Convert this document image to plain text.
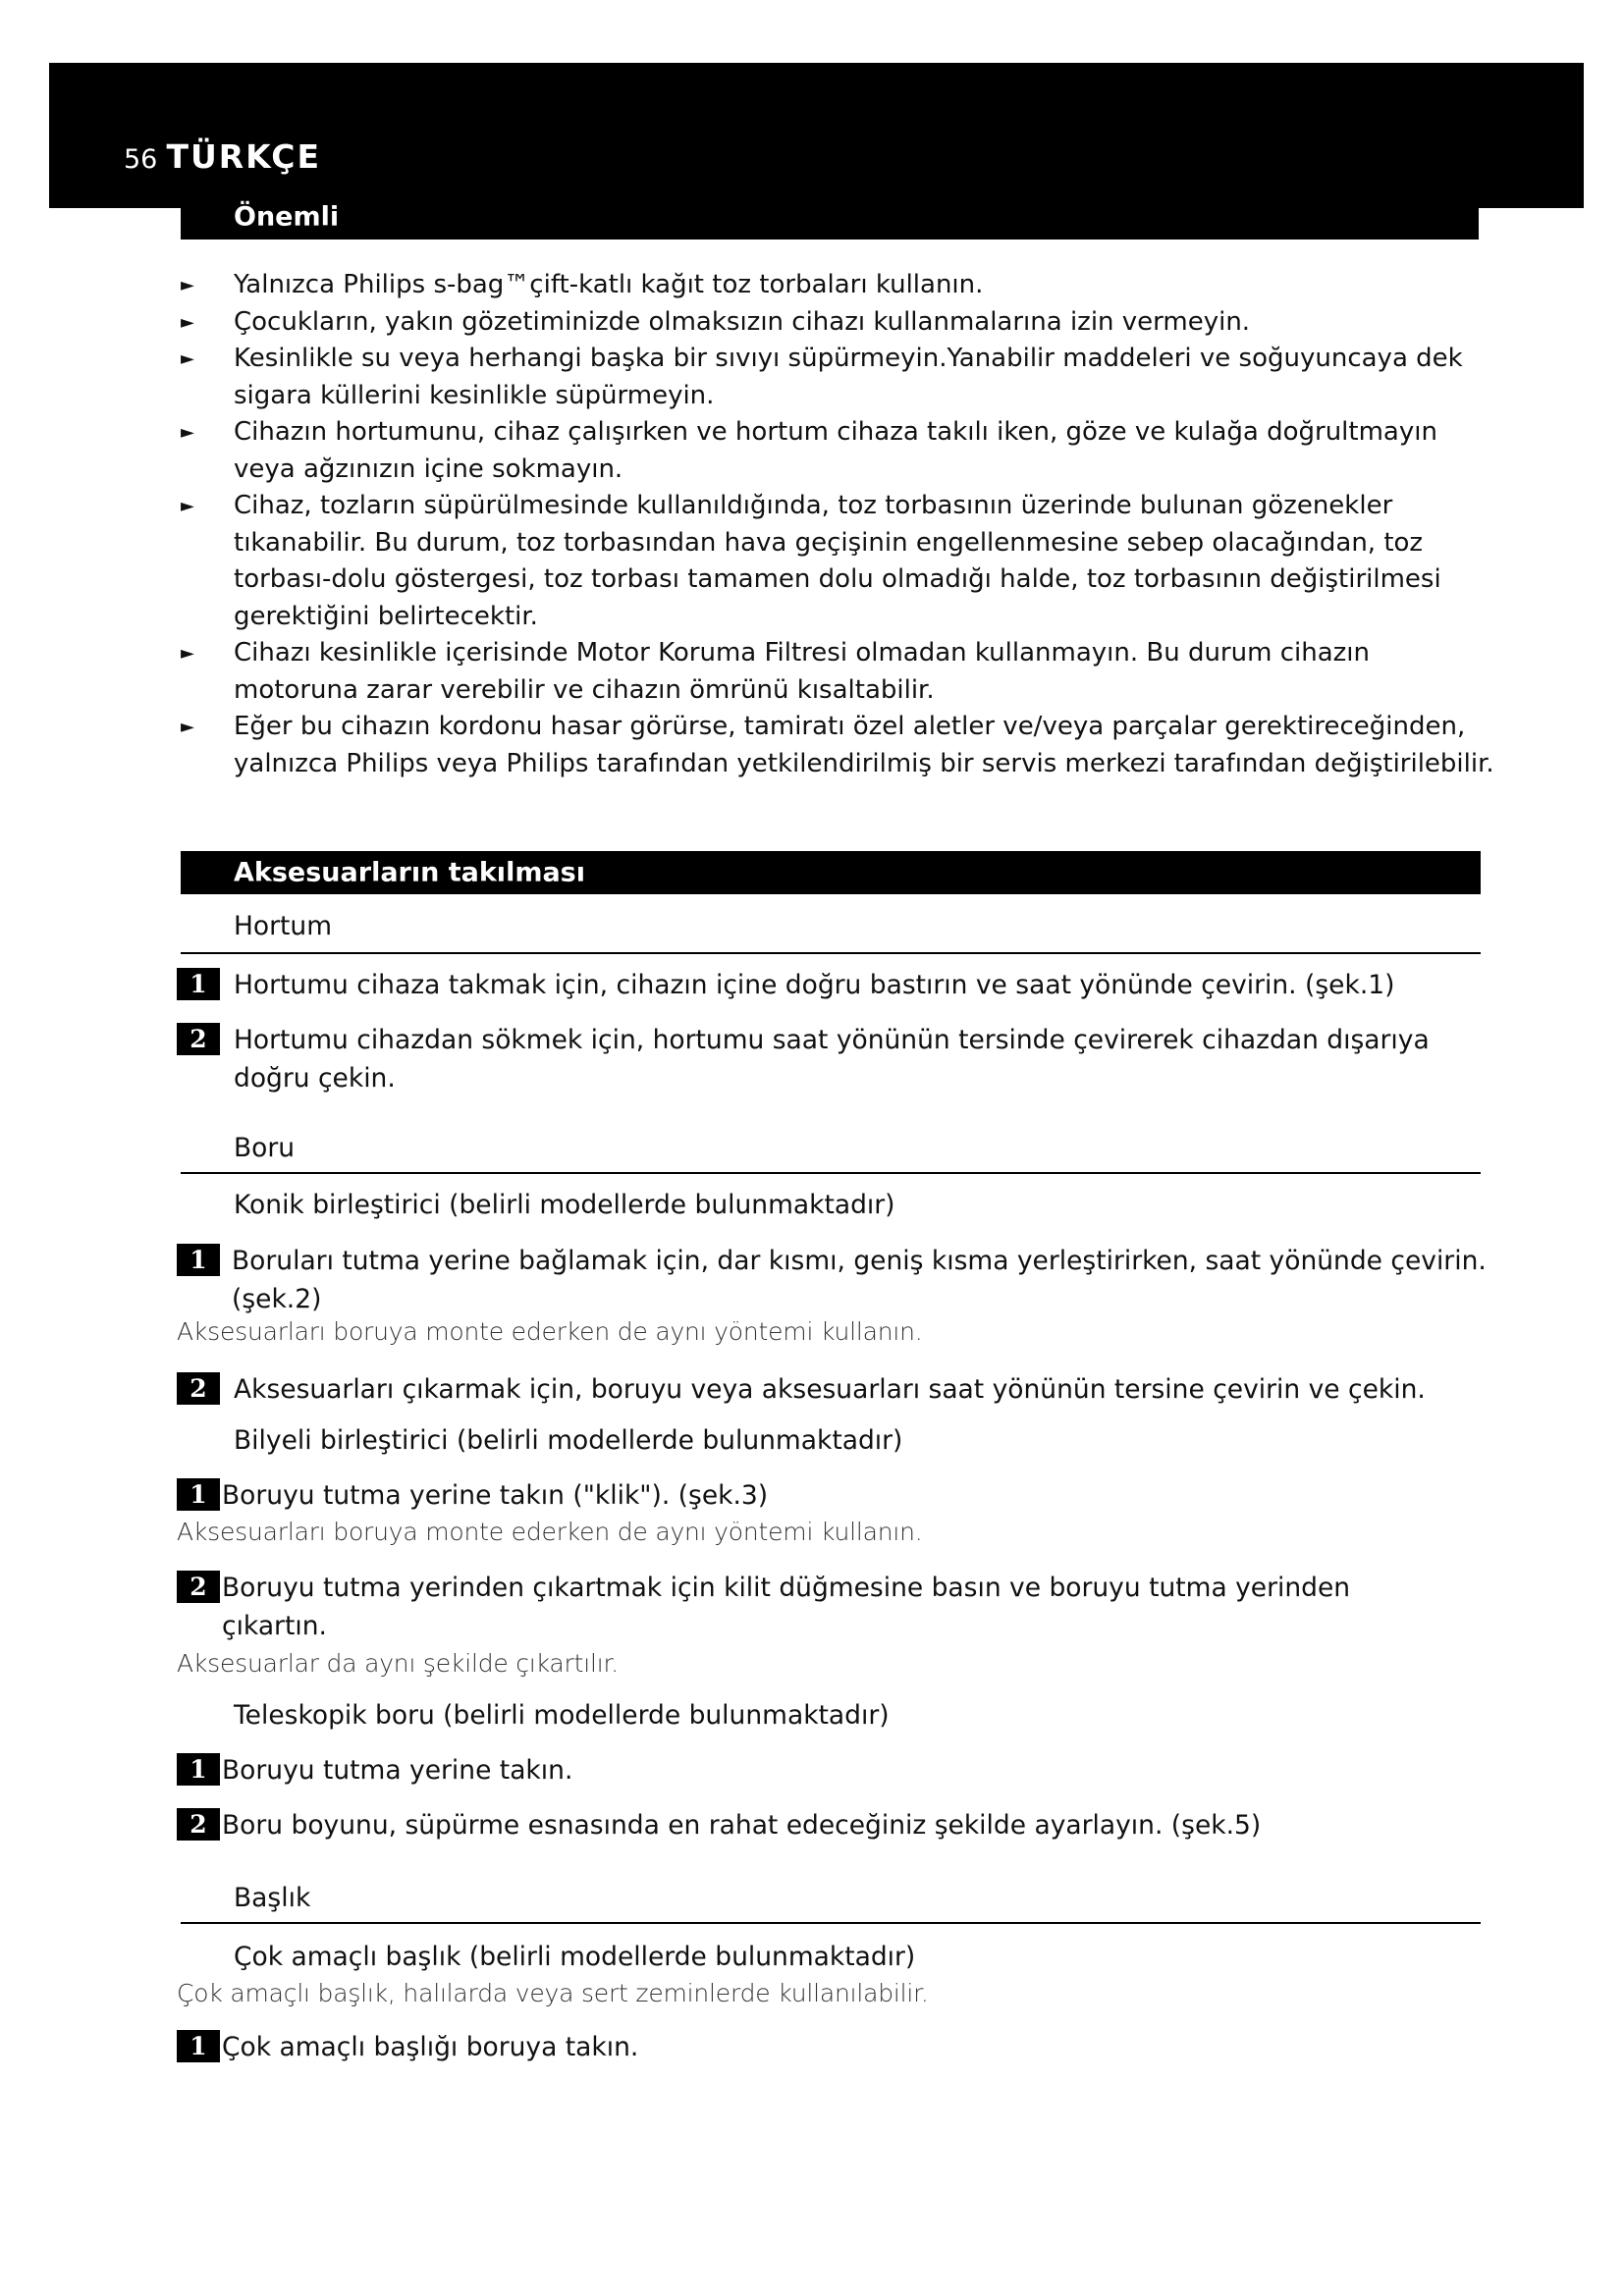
56 TÜRKÇE
Önemli
►	Yalnızca Philips s-bag™çift-katlı kağıt toz torbaları kullanın.
►	Çocukların, yakın gözetiminizde olmaksızın cihazı kullanmalarına izin vermeyin.
► Kesinlikle su veya herhangi başka bir sıvıyı süpürmeyin.Yanabilir maddeleri ve soğuyuncaya dek sigara küllerini kesinlikle süpürmeyin.
► Cihazın hortumunu, cihaz çalışırken ve hortum cihaza takılı iken, göze ve kulağa doğrultmayın veya ağzınızın içine sokmayın.
► Cihaz, tozların süpürülmesinde kullanıldığında, toz torbasının üzerinde bulunan gözenekler tıkanabilir. Bu durum, toz torbasından hava geçişinin engellenmesine sebep olacağından, toz torbası-dolu göstergesi, toz torbası tamamen dolu olmadığı halde, toz torbasının değiştirilmesi gerektiğini belirtecektir.
► Cihazı kesinlikle içerisinde Motor Koruma Filtresi olmadan kullanmayın. Bu durum cihazın motoruna zarar verebilir ve cihazın ömrünü kısaltabilir.
► Eğer bu cihazın kordonu hasar görürse, tamiratı özel aletler ve/veya parçalar gerektireceğinden, yalnızca Philips veya Philips tarafından yetkilendirilmiş bir servis merkezi tarafından değiştirilebilir.
Aksesuarların takılması
Hortum
1	Hortumu cihaza takmak için, cihazın içine doğru bastırın ve saat yönünde çevirin. (şek.1)
2	Hortumu cihazdan sökmek için, hortumu saat yönünün tersinde çevirerek cihazdan dışarıya doğru çekin.
Boru
Konik birleştirici (belirli modellerde bulunmaktadır)
1 Boruları tutma yerine bağlamak için, dar kısmı, geniş kısma yerleştirirken, saat yönünde çevirin. (şek.2)
Aksesuarları boruya monte ederken de aynı yöntemi kullanın.
2	Aksesuarları çıkarmak için, boruyu veya aksesuarları saat yönünün tersine çevirin ve çekin.
Bilyeli birleştirici (belirli modellerde bulunmaktadır)
1 Boruyu tutma yerine takın ("klik"). (şek.3)
Aksesuarları boruya monte ederken de aynı yöntemi kullanın.
2 Boruyu tutma yerinden çıkartmak için kilit düğmesine basın ve boruyu tutma yerinden çıkartın.
Aksesuarlar da aynı şekilde çıkartılır.
Teleskopik boru (belirli modellerde bulunmaktadır)
1 Boruyu tutma yerine takın.
2 Boru boyunu, süpürme esnasında en rahat edeceğiniz şekilde ayarlayın. (şek.5)
Başlık
Çok amaçlı başlık (belirli modellerde bulunmaktadır)
Çok amaçlı başlık, halılarda veya sert zeminlerde kullanılabilir.
1 Çok amaçlı başlığı boruya takın.
